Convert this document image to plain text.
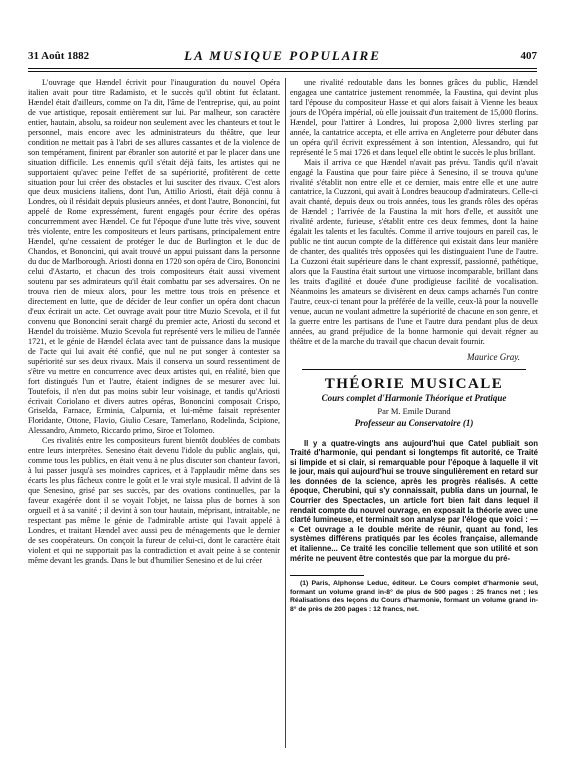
31 Août 1882	LA MUSIQUE POPULAIRE	407

L'ouvrage que Hændel écrivit pour l'inauguration du nouvel Opéra italien avait pour titre Radamisto, et le succès qu'il obtint fut éclatant. Hændel était d'ailleurs, comme on l'a dit, l'âme de l'entreprise, qui, au point de vue artistique, reposait entièrement sur lui. Par malheur, son caractère entier, hautain, absolu, sa roideur non seulement avec les chanteurs et tout le personnel, mais encore avec les administrateurs du théâtre, que leur condition ne mettait pas à l'abri de ses allures cassantes et de la violence de son tempérament, finirent par ébranler son autorité et par le placer dans une situation difficile. Les ennemis qu'il s'était déjà faits, les artistes qui ne supportaient qu'avec peine l'effet de sa supériorité, profitèrent de cette situation pour lui créer des obstacles et lui susciter des rivaux. C'est alors que deux musiciens italiens, dont l'un, Attilio Ariosti, était déjà connu à Londres, où il résidait depuis plusieurs années, et dont l'autre, Bononcini, fut appelé de Rome expressément, furent engagés pour écrire des opéras concurremment avec Hændel. Ce fut l'époque d'une lutte très vive, souvent très violente, entre les compositeurs et leurs partisans, principalement entre Hændel, qu'ne cessaient de protéger le duc de Burlington et le duc de Chandos, et Bononcini, qui avait trouvé un appui puissant dans la personne du duc de Marlborough. Ariosti donna en 1720 son opéra de Ciro, Bononcini celui d'Astarto, et chacun des trois compositeurs était aussi vivement soutenu par ses admirateurs qu'il était combattu par ses adversaires. On ne trouva rien de mieux alors, pour les mettre tous trois en présence et directement en lutte, que de décider de leur confier un opéra dont chacun d'eux écrirait un acte. Cet ouvrage avait pour titre Muzio Scevola, et il fut convenu que Bononcini serait chargé du premier acte, Ariosti du second et Hændel du troisième. Muzio Scevola fut représenté vers le milieu de l'année 1721, et le génie de Hændel éclata avec tant de puissance dans la musique de l'acte qui lui avait été confié, que nul ne put songer à contester sa supériorité sur ses deux rivaux. Mais il conserva un sourd ressentiment de s'être vu mettre en concurrence avec deux artistes qui, en réalité, bien que fort distingués l'un et l'autre, étaient indignes de se mesurer avec lui. Toutefois, il n'en dut pas moins subir leur voisinage, et tandis qu'Ariosti écrivait Coriolano et divers autres opéras, Bononcini composait Crispo, Griselda, Farnace, Erminia, Calpurnia, et lui-même faisait représenter Floridante, Ottone, Flavio, Giulio Cesare, Tamerlano, Rodelinda, Scipione, Alessandro, Ammeto, Riccardo primo, Siroe et Tolomeo.

Ces rivalités entre les compositeurs furent bientôt doublées de combats entre leurs interprètes. Senesino était devenu l'idole du public anglais, qui, comme tous les publics, en était venu à ne plus discuter son chanteur favori, à lui passer jusqu'à ses moindres caprices, et à l'applaudir même dans ses écarts les plus fâcheux contre le goût et le vrai style musical. Il advint de là que Senesino, grisé par ses succès, par des ovations continuelles, par la faveur exagérée dont il se voyait l'objet, ne laissa plus de bornes à son orgueil et à sa vanité ; il devint à son tour hautain, méprisant, intraitable, ne respectant pas même le génie de l'admirable artiste qui l'avait appelé à Londres, et traitant Hændel avec aussi peu de ménagements que le dernier de ses coopérateurs. On conçoit la fureur de celui-ci, dont le caractère était violent et qui ne supportait pas la contradiction et avait peine à se contenir même devant les grands. Dans le but d'humilier Senesino et de lui créer

une rivalité redoutable dans les bonnes grâces du public, Hændel engagea une cantatrice justement renommée, la Faustina, qui devint plus tard l'épouse du compositeur Hasse et qui alors faisait à Vienne les beaux jours de l'Opéra impérial, où elle jouissait d'un traitement de 15,000 florins. Hændel, pour l'attirer à Londres, lui proposa 2,000 livres sterling par année, la cantatrice accepta, et elle arriva en Angleterre pour débuter dans un opéra qu'il écrivit expressément à son intention, Alessandro, qui fut représenté le 5 mai 1726 et dans lequel elle obtint le succès le plus brillant.

Mais il arriva ce que Hændel n'avait pas prévu. Tandis qu'il n'avait engagé la Faustina que pour faire pièce à Senesino, il se trouva qu'une rivalité s'établit non entre elle et ce dernier, mais entre elle et une autre cantatrice, la Cuzzoni, qui avait à Londres beaucoup d'admirateurs. Celle-ci avait chanté, depuis deux ou trois années, tous les grands rôles des opéras de Hændel ; l'arrivée de la Faustina la mit hors d'elle, et aussitôt une rivalité ardente, furieuse, s'établit entre ces deux femmes, dont la haine égalait les talents et les facultés. Comme il arrive toujours en pareil cas, le public ne tint aucun compte de la différence qui existait dans leur manière de chanter, des qualités très opposées qui les distinguaient l'une de l'autre. La Cuzzoni était supérieure dans le chant expressif, passionné, pathétique, alors que la Faustina était surtout une virtuose incomparable, brillant dans les traits d'agilité et douée d'une prodigieuse facilité de vocalisation. Néanmoins les amateurs se divisèrent en deux camps acharnés l'un contre l'autre, ceux-ci tenant pour la préférée de la veille, ceux-là pour la nouvelle venue, aucun ne voulant admettre la supériorité de chacune en son genre, et la guerre entre les partisans de l'une et l'autre dura pendant plus de deux années, au grand préjudice de la bonne harmonie qui devait régner au théâtre et de la marche du travail que chacun devait fournir.

Maurice Gray.
THÉORIE MUSICALE
Cours complet d'Harmonie Théorique et Pratique
Par M. Emile Durand
Professeur au Conservatoire (1)

Il y a quatre-vingts ans aujourd'hui que Catel publiait son Traité d'harmonie, qui pendant si longtemps fit autorité, ce Traité si limpide et si clair, si remarquable pour l'époque à laquelle il vit le jour, mais qui aujourd'hui se trouve singulièrement en retard sur les données de la science, après les progrès réalisés. A cette époque, Cherubini, qui s'y connaissait, publia dans un journal, le Courrier des Spectacles, un article fort bien fait dans lequel il rendait compte du nouvel ouvrage, en exposait la théorie avec une clarté lumineuse, et terminait son analyse par l'éloge que voici : — « Cet ouvrage a le double mérite de réunir, quant au fond, les systèmes différens pratiqués par les écoles française, allemande et italienne... Ce traité les concilie tellement que son utilité et son mérite ne peuvent être contestés que par la morgue du pré-

(1) Paris, Alphonse Leduc, éditeur. Le Cours complet d'harmonie seul, formant un volume grand in-8° de plus de 500 pages : 25 francs net ; les Réalisations des leçons du Cours d'harmonie, formant un volume grand in-8° de près de 200 pages : 12 francs, net.
